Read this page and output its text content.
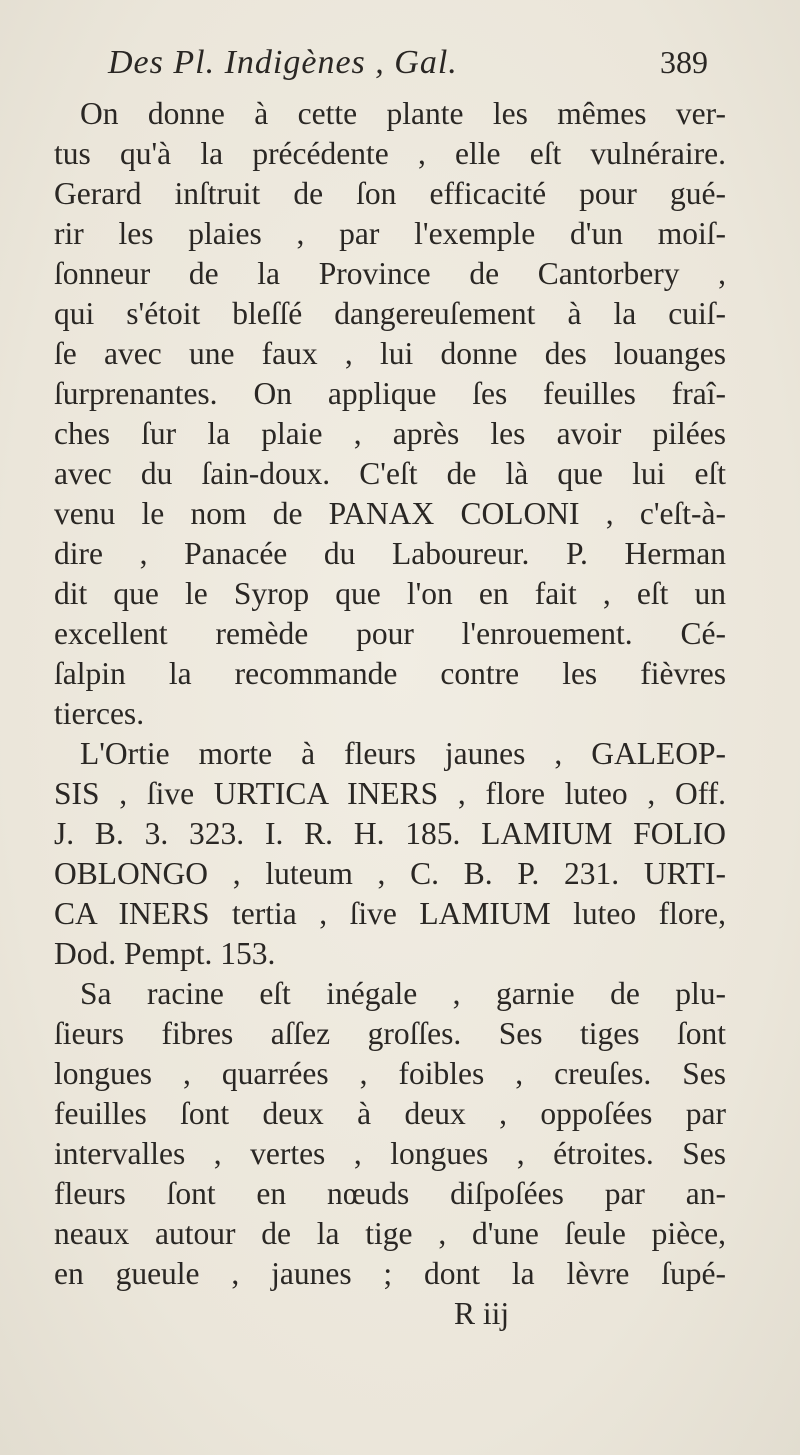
Des Pl. Indigènes , Gal.	389
On donne à cette plante les mêmes ver-
tus qu'à la précédente , elle eſt vulnéraire.
Gerard inſtruit de ſon efficacité pour gué-
rir les plaies , par l'exemple d'un moiſ-
ſonneur de la Province de Cantorbery ,
qui s'étoit bleſſé dangereuſement à la cuiſ-
ſe avec une faux , lui donne des louanges
ſurprenantes. On applique ſes feuilles fraî-
ches ſur la plaie , après les avoir pilées
avec du ſain-doux. C'eſt de là que lui eſt
venu le nom de PANAX COLONI , c'eſt-à-
dire , Panacée du Laboureur. P. Herman
dit que le Syrop que l'on en fait , eſt un
excellent remède pour l'enrouement. Cé-
ſalpin la recommande contre les fièvres
tierces.
L'Ortie morte à fleurs jaunes , GALEOP-
SIS , ſive URTICA INERS , flore luteo , Off.
J. B. 3. 323. I. R. H. 185. LAMIUM FOLIO
OBLONGO , luteum , C. B. P. 231. URTI-
CA INERS tertia , ſive LAMIUM luteo flore,
Dod. Pempt. 153.
Sa racine eſt inégale , garnie de plu-
ſieurs fibres aſſez groſſes. Ses tiges ſont
longues , quarrées , foibles , creuſes. Ses
feuilles ſont deux à deux , oppoſées par
intervalles , vertes , longues , étroites. Ses
fleurs ſont en nœuds diſpoſées par an-
neaux autour de la tige , d'une ſeule pièce,
en gueule , jaunes ; dont la lèvre ſupé-
R iij
